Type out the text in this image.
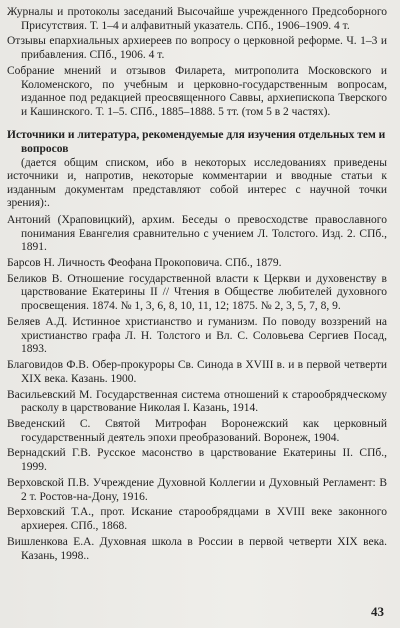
Журналы и протоколы заседаний Высочайше учрежденного Предсоборного Присутствия. Т. 1–4 и алфавитный указатель. СПб., 1906–1909. 4 т.

Отзывы епархиальных архиереев по вопросу о церковной реформе. Ч. 1–3 и прибавления. СПб., 1906. 4 т.

Собрание мнений и отзывов Филарета, митрополита Московского и Коломенского, по учебным и церковно-государственным вопросам, изданное под редакцией преосвященного Саввы, архиепископа Тверского и Кашинского. Т. 1–5. СПб., 1885–1888. 5 тт. (том 5 в 2 частях).

Источники и литература, рекомендуемые для изучения отдельных тем и вопросов

(дается общим списком, ибо в некоторых исследованиях приведены источники и, напротив, некоторые комментарии и вводные статьи к изданным документам представляют собой интерес с научной точки зрения):.

Антоний (Храповицкий), архим. Беседы о превосходстве православного понимания Евангелия сравнительно с учением Л. Толстого. Изд. 2. СПб., 1891.

Барсов Н. Личность Феофана Прокоповича. СПб., 1879.

Беликов В. Отношение государственной власти к Церкви и духовенству в царствование Екатерины II // Чтения в Обществе любителей духовного просвещения. 1874. № 1, 3, 6, 8, 10, 11, 12; 1875. № 2, 3, 5, 7, 8, 9.

Беляев А.Д. Истинное христианство и гуманизм. По поводу воззрений на христианство графа Л. Н. Толстого и Вл. С. Соловьева Сергиев Посад, 1893.

Благовидов Ф.В. Обер-прокуроры Св. Синода в XVIII в. и в первой четверти XIX века. Казань. 1900.

Васильевский М. Государственная система отношений к старообрядческому расколу в царствование Николая I. Казань, 1914.

Введенский С. Святой Митрофан Воронежский как церковный государственный деятель эпохи преобразований. Воронеж, 1904.

Вернадский Г.В. Русское масонство в царствование Екатерины II. СПб., 1999.

Верховской П.В. Учреждение Духовной Коллегии и Духовный Регламент: В 2 т. Ростов-на-Дону, 1916.

Верховский Т.А., прот. Искание старообрядцами в XVIII веке законного архиерея. СПб., 1868.

Вишленкова Е.А. Духовная школа в России в первой четверти XIX века. Казань, 1998..

43
